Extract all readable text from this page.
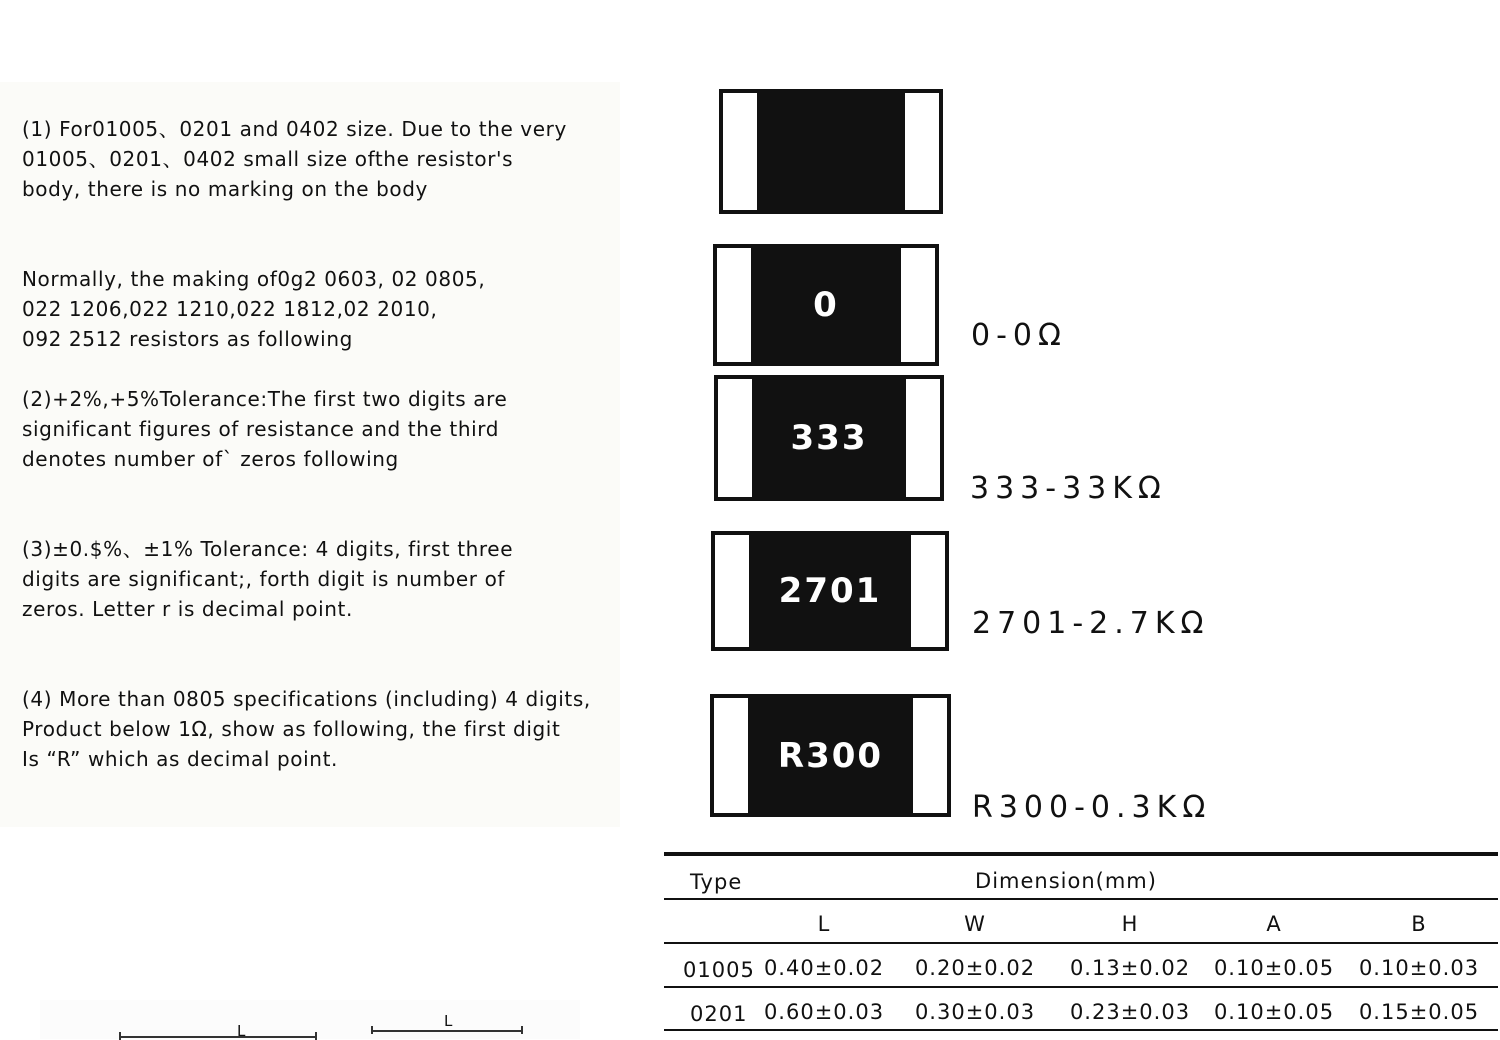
(1) For01005、0201 and 0402 size. Due to the very
01005、0201、0402 small size ofthe resistor's
body, there is no marking on the body

Normally, the making of0g2 0603, 02 0805,
022 1206,022 1210,022 1812,02 2010,
092 2512 resistors as following

(2)+2%,+5%Tolerance:The first two digits are
significant figures of resistance and the third
denotes number of` zeros following

(3)±0.$%、±1% Tolerance: 4 digits, first three
digits are significant;, forth digit is number of
zeros. Letter r is decimal point.

(4) More than 0805 specifications (including) 4 digits,
Product below 1Ω, show as following, the first digit
Is “R” which as decimal point.

0
0-0Ω
333
333-33KΩ
2701
2701-2.7KΩ
R300
R300-0.3KΩ
Type	Dimension(mm)
L	W	H	A	B
01005 0.40±0.02 0.20±0.02 0.13±0.02 0.10±0.05 0.10±0.03
0201 0.60±0.03 0.30±0.03 0.23±0.03 0.10±0.05 0.15±0.05
L
L
